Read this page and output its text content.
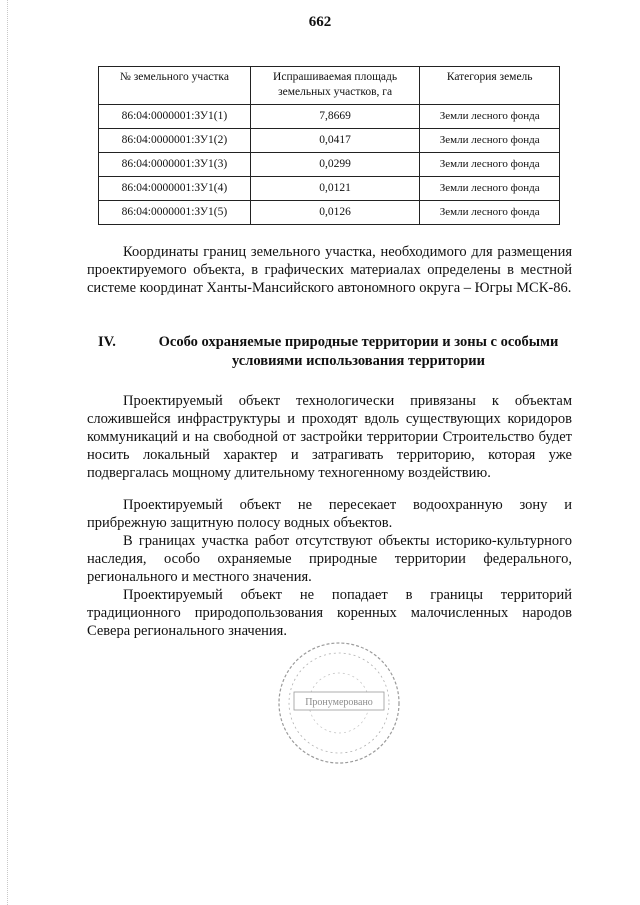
662
№ земельного участка	Испрашиваемая площадь земельных участков, га	Категория земель
86:04:0000001:ЗУ1(1)	7,8669	Земли лесного фонда
86:04:0000001:ЗУ1(2)	0,0417	Земли лесного фонда
86:04:0000001:ЗУ1(3)	0,0299	Земли лесного фонда
86:04:0000001:ЗУ1(4)	0,0121	Земли лесного фонда
86:04:0000001:ЗУ1(5)	0,0126	Земли лесного фонда

Координаты границ земельного участка, необходимого для размещения проектируемого объекта, в графических материалах определены в местной системе координат Ханты-Мансийского автономного округа – Югры МСК-86.

IV.	Особо охраняемые природные территории и зоны с особыми условиями использования территории

Проектируемый объект технологически привязаны к объектам сложившейся инфраструктуры и проходят вдоль существующих коридоров коммуникаций и на свободной от застройки территории Строительство будет носить локальный характер и затрагивать территорию, которая уже подвергалась мощному длительному техногенному воздействию.

Проектируемый объект не пересекает водоохранную зону и прибрежную защитную полосу водных объектов.

В границах участка работ отсутствуют объекты историко-культурного наследия, особо охраняемые природные территории федерального, регионального и местного значения.

Проектируемый объект не попадает в границы территорий традиционного природопользования коренных малочисленных народов Севера регионального значения.

Пронумеровано
